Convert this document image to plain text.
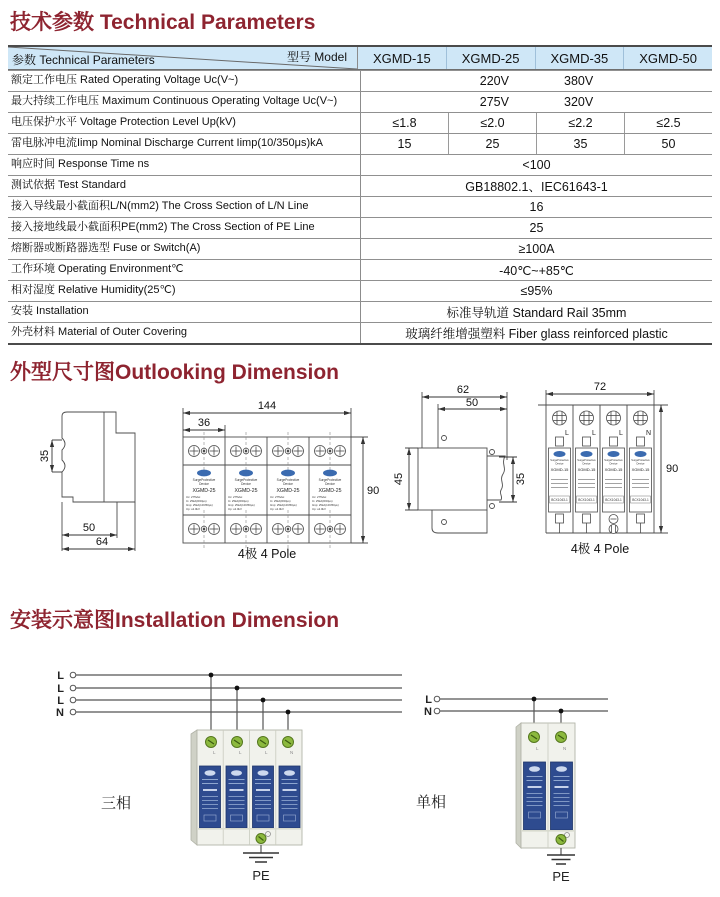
技术参数 Technical Parameters
参数 Technical Parameters	型号 Model	XGMD-15	XGMD-25	XGMD-35	XGMD-50
额定工作电压 Rated Operating Voltage Uc(V~)	220V	380V
最大持续工作电压 Maximum Continuous Operating Voltage Uc(V~)	275V	320V
电压保护水平 Voltage Protection Level Up(kV)	≤1.8	≤2.0	≤2.2	≤2.5
雷电脉冲电流Iimp Nominal Discharge Current Iimp(10/350μs)kA	15	25	35	50
响应时间 Response Time ns	<100
测试依据 Test Standard	GB18802.1、IEC61643-1
接入导线最小截面积L/N(mm2) The Cross Section of L/N Line	16
接入接地线最小截面积PE(mm2) The Cross Section of PE Line	25
熔断器或断路器选型 Fuse or Switch(A)	≥100A
工作环境 Operating Environment℃	-40℃~+85℃
相对湿度 Relative Humidity(25℃)	≤95%
安装 Installation	标准导轨道 Standard Rail 35mm
外壳材料 Material of Outer Covering	玻璃纤维增强塑料 Fiber glass reinforced plastic
外型尺寸图Outlooking Dimension
35
50
64
SurgeProtective
Device
XGMD-25
Uc: 275Vac
In: 25kA(8/20μs)
Iimp: 25kA(10/350μs)
Up: ≤2.0kV
SurgeProtective
Device
XGMD-25
Uc: 275Vac
In: 25kA(8/20μs)
Iimp: 25kA(10/350μs)
Up: ≤2.0kV
SurgeProtective
Device
XGMD-25
Uc: 275Vac
In: 25kA(8/20μs)
Iimp: 25kA(10/350μs)
Up: ≤2.0kV
SurgeProtective
Device
XGMD-25
Uc: 275Vac
In: 25kA(8/20μs)
Iimp: 25kA(10/350μs)
Up: ≤2.0kV
144
36
90
4极 4 Pole
62
50
35
45
72
L	L	L	N
SurgeProtective	SurgeProtective	SurgeProtective	SurgeProtective
Device	Device	Device	Device
XGMD-15 XGMD-15 XGMD-15 XGMD-15
BCX1043-1	BCX1043-1	BCX1043-1	BCX1043-1
90
4极 4 Pole
安装示意图Installation Dimension
L
L
L
N
L	L	L	N
PE
三相
L
N
L	N
PE
单相
